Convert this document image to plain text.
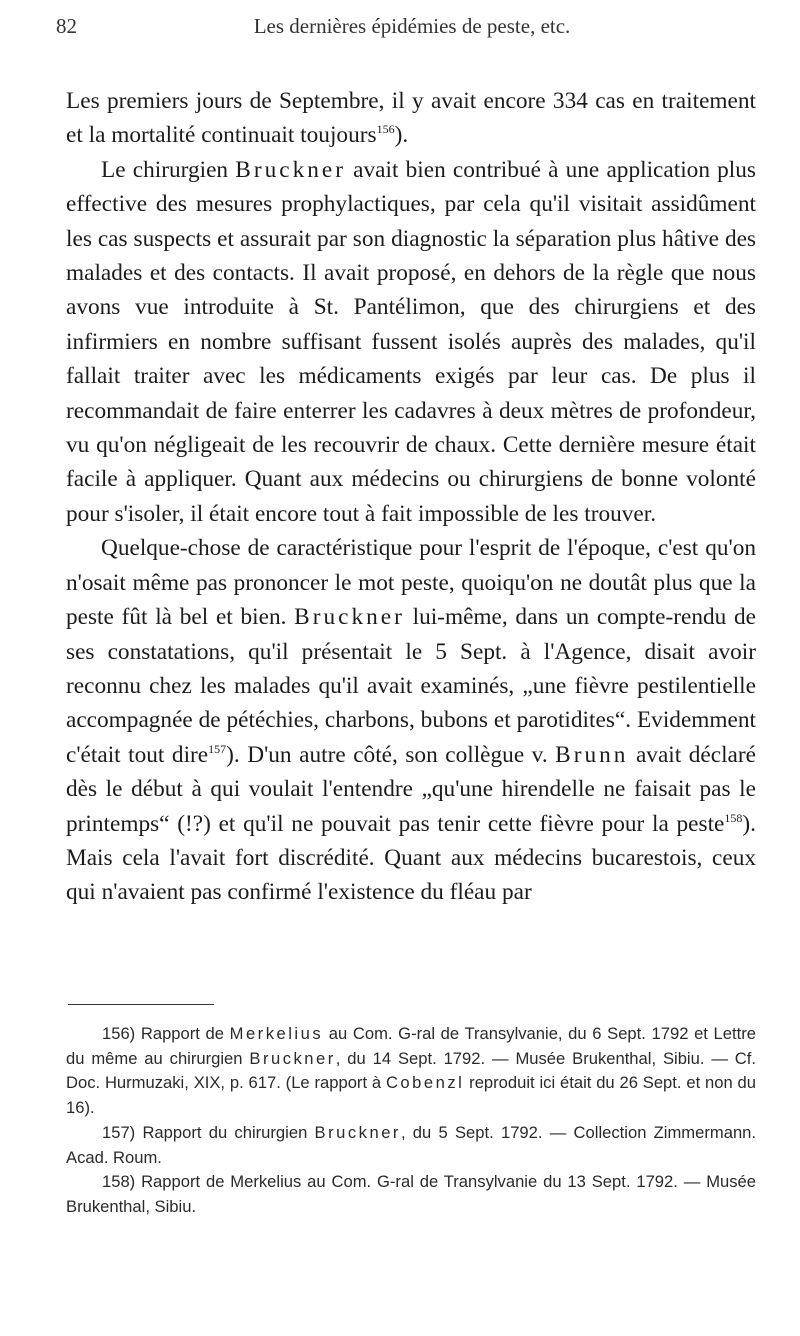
82	Les dernières épidémies de peste, etc.

Les premiers jours de Septembre, il y avait encore 334 cas en traitement et la mortalité continuait toujours$^{156}$).

Le chirurgien Bruckner avait bien contribué à une application plus effective des mesures prophylactiques, par cela qu'il visitait assidûment les cas suspects et assurait par son diagnostic la séparation plus hâtive des malades et des contacts. Il avait proposé, en dehors de la règle que nous avons vue introduite à St. Pantélimon, que des chirurgiens et des infirmiers en nombre suffisant fussent isolés auprès des malades, qu'il fallait traiter avec les médicaments exigés par leur cas. De plus il recommandait de faire enterrer les cadavres à deux mètres de profondeur, vu qu'on négligeait de les recouvrir de chaux. Cette dernière mesure était facile à appliquer. Quant aux médecins ou chirurgiens de bonne volonté pour s'isoler, il était encore tout à fait impossible de les trouver.

Quelque-chose de caractéristique pour l'esprit de l'époque, c'est qu'on n'osait même pas prononcer le mot peste, quoiqu'on ne doutât plus que la peste fût là bel et bien. Bruckner lui-même, dans un compte-rendu de ses constatations, qu'il présentait le 5 Sept. à l'Agence, disait avoir reconnu chez les malades qu'il avait examinés, „une fièvre pestilentielle accompagnée de pétéchies, charbons, bubons et parotidites“. Evidemment c'était tout dire$^{157}$). D'un autre côté, son collègue v. Brunn avait déclaré dès le début à qui voulait l'entendre „qu'une hirendelle ne faisait pas le printemps“ (!?) et qu'il ne pouvait pas tenir cette fièvre pour la peste$^{158}$). Mais cela l'avait fort discrédité. Quant aux médecins bucarestois, ceux qui n'avaient pas confirmé l'existence du fléau par

156) Rapport de Merkelius au Com. G-ral de Transylvanie, du 6 Sept. 1792 et Lettre du même au chirurgien Bruckner, du 14 Sept. 1792. — Musée Brukenthal, Sibiu. — Cf. Doc. Hurmuzaki, XIX, p. 617. (Le rapport à Cobenzl reproduit ici était du 26 Sept. et non du 16).

157) Rapport du chirurgien Bruckner, du 5 Sept. 1792. — Collection Zimmermann. Acad. Roum.

158) Rapport de Merkelius au Com. G-ral de Transylvanie du 13 Sept. 1792. — Musée Brukenthal, Sibiu.
